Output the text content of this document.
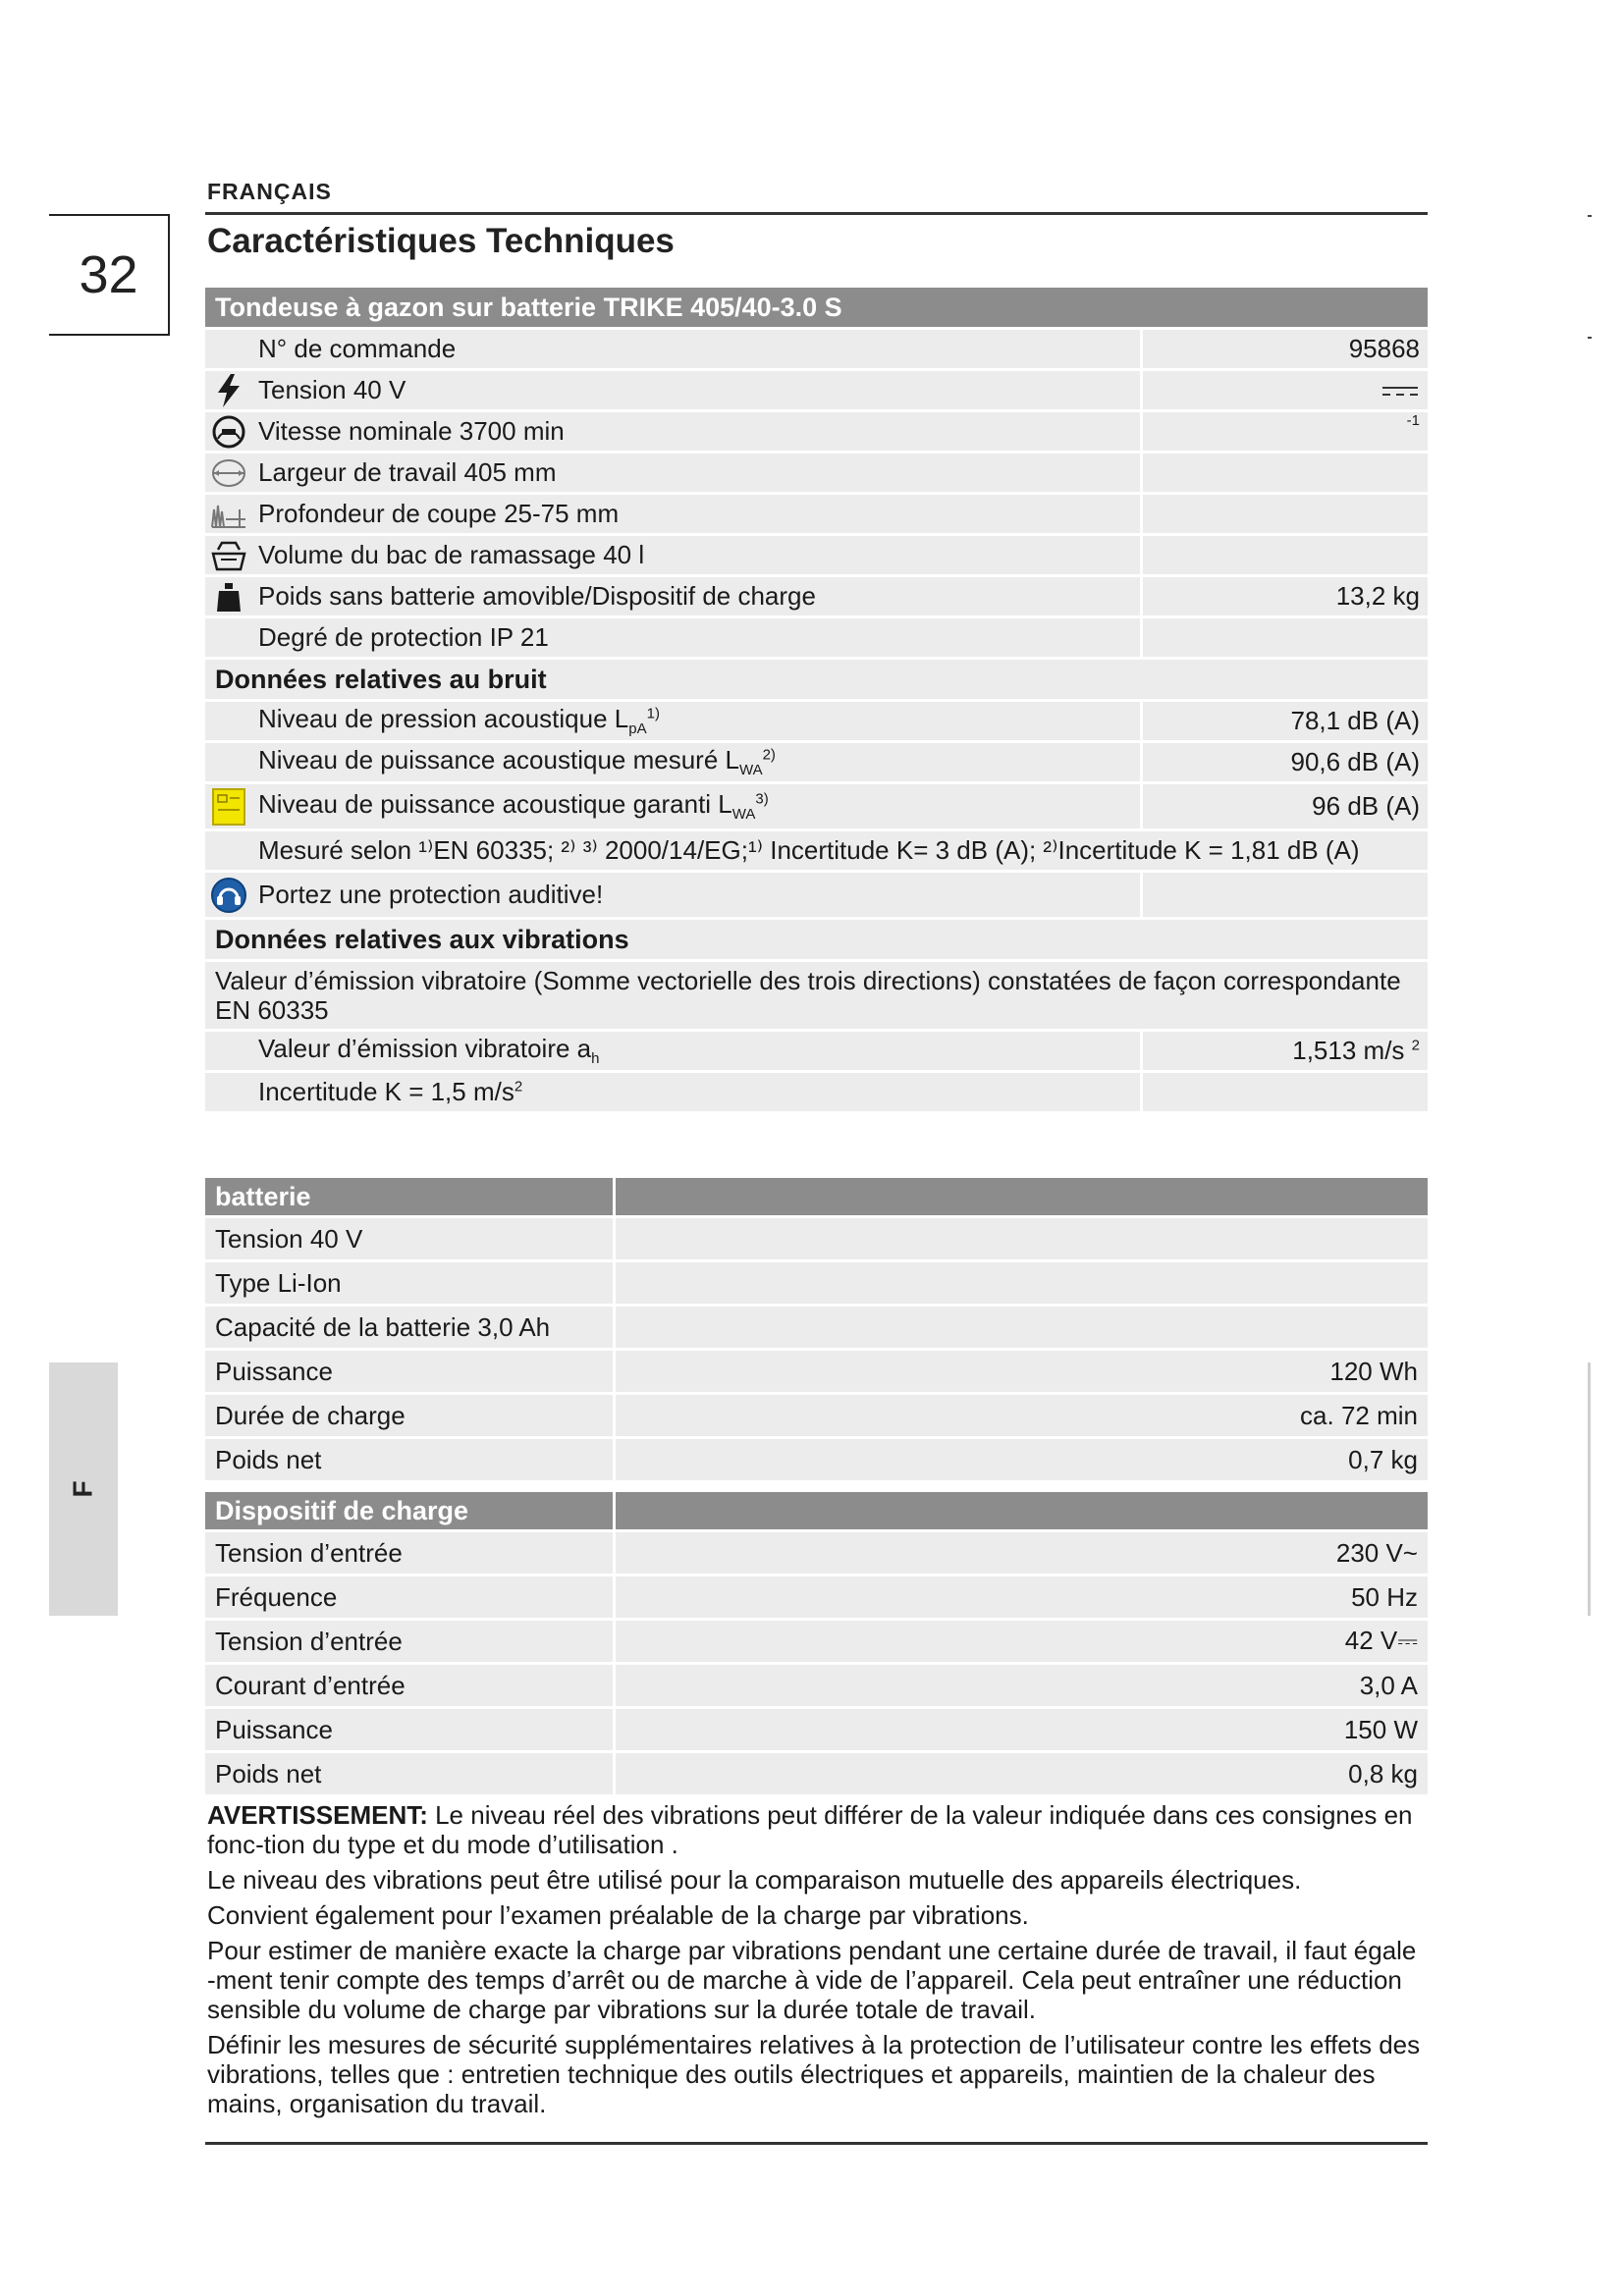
32
F
FRANÇAIS
Caractéristiques Techniques
Tondeuse à gazon sur batterie TRIKE 405/40-3.0 S		
	N° de commande	95868

	Tension 40 V	

	Vitesse nominale 3700 min	-1

	Largeur de travail 405 mm	

	Profondeur de coupe 25-75 mm	

	Volume du bac de ramassage 40 l	

	Poids sans batterie amovible/Dispositif de charge	13,2 kg
	Degré de protection IP 21	
Données relatives au bruit		
	Niveau de pression acoustique $L_{pA}^{1)}$	78,1 dB (A)
	Niveau de puissance acoustique mesuré $L_{WA}^{2)}$	90,6 dB (A)

	Niveau de puissance acoustique garanti $L_{WA}^{3)}$	96 dB (A)
	Mesuré selon ¹⁾EN 60335; ²⁾ ³⁾ 2000/14/EG;¹⁾ Incertitude K= 3 dB (A); ²⁾Incertitude K = 1,81 dB (A)	

	Portez une protection auditive!	
Données relatives aux vibrations		
Valeur d’émission vibratoire (Somme vectorielle des trois directions) constatées de façon correspondante EN 60335		
	Valeur d’émission vibratoire $a_h$	1,513 m/s $^2$
	Incertitude K = 1,5 $m/s^2$	
batterie	
Tension 40 V	
Type Li-Ion	
Capacité de la batterie 3,0 Ah	
Puissance	120 Wh
Durée de charge	ca. 72 min
Poids net	0,7 kg
Dispositif de charge	
Tension d’entrée	230 V~
Fréquence	50 Hz
Tension d’entrée	42 V⎓
Courant d’entrée	3,0 A
Puissance	150 W
Poids net	0,8 kg

AVERTISSEMENT: Le niveau réel des vibrations peut différer de la valeur indiquée dans ces consignes en fonc-tion du type et du mode d’utilisation .

Le niveau des vibrations peut être utilisé pour la comparaison mutuelle des appareils électriques.

Convient également pour l’examen préalable de la charge par vibrations.

Pour estimer de manière exacte la charge par vibrations pendant une certaine durée de travail, il faut égale -ment tenir compte des temps d’arrêt ou de marche à vide de l’appareil. Cela peut entraîner une réduction sensible du volume de charge par vibrations sur la durée totale de travail.

Définir les mesures de sécurité supplémentaires relatives à la protection de l’utilisateur contre les effets des vibrations, telles que : entretien technique des outils électriques et appareils, maintien de la chaleur des mains, organisation du travail.
